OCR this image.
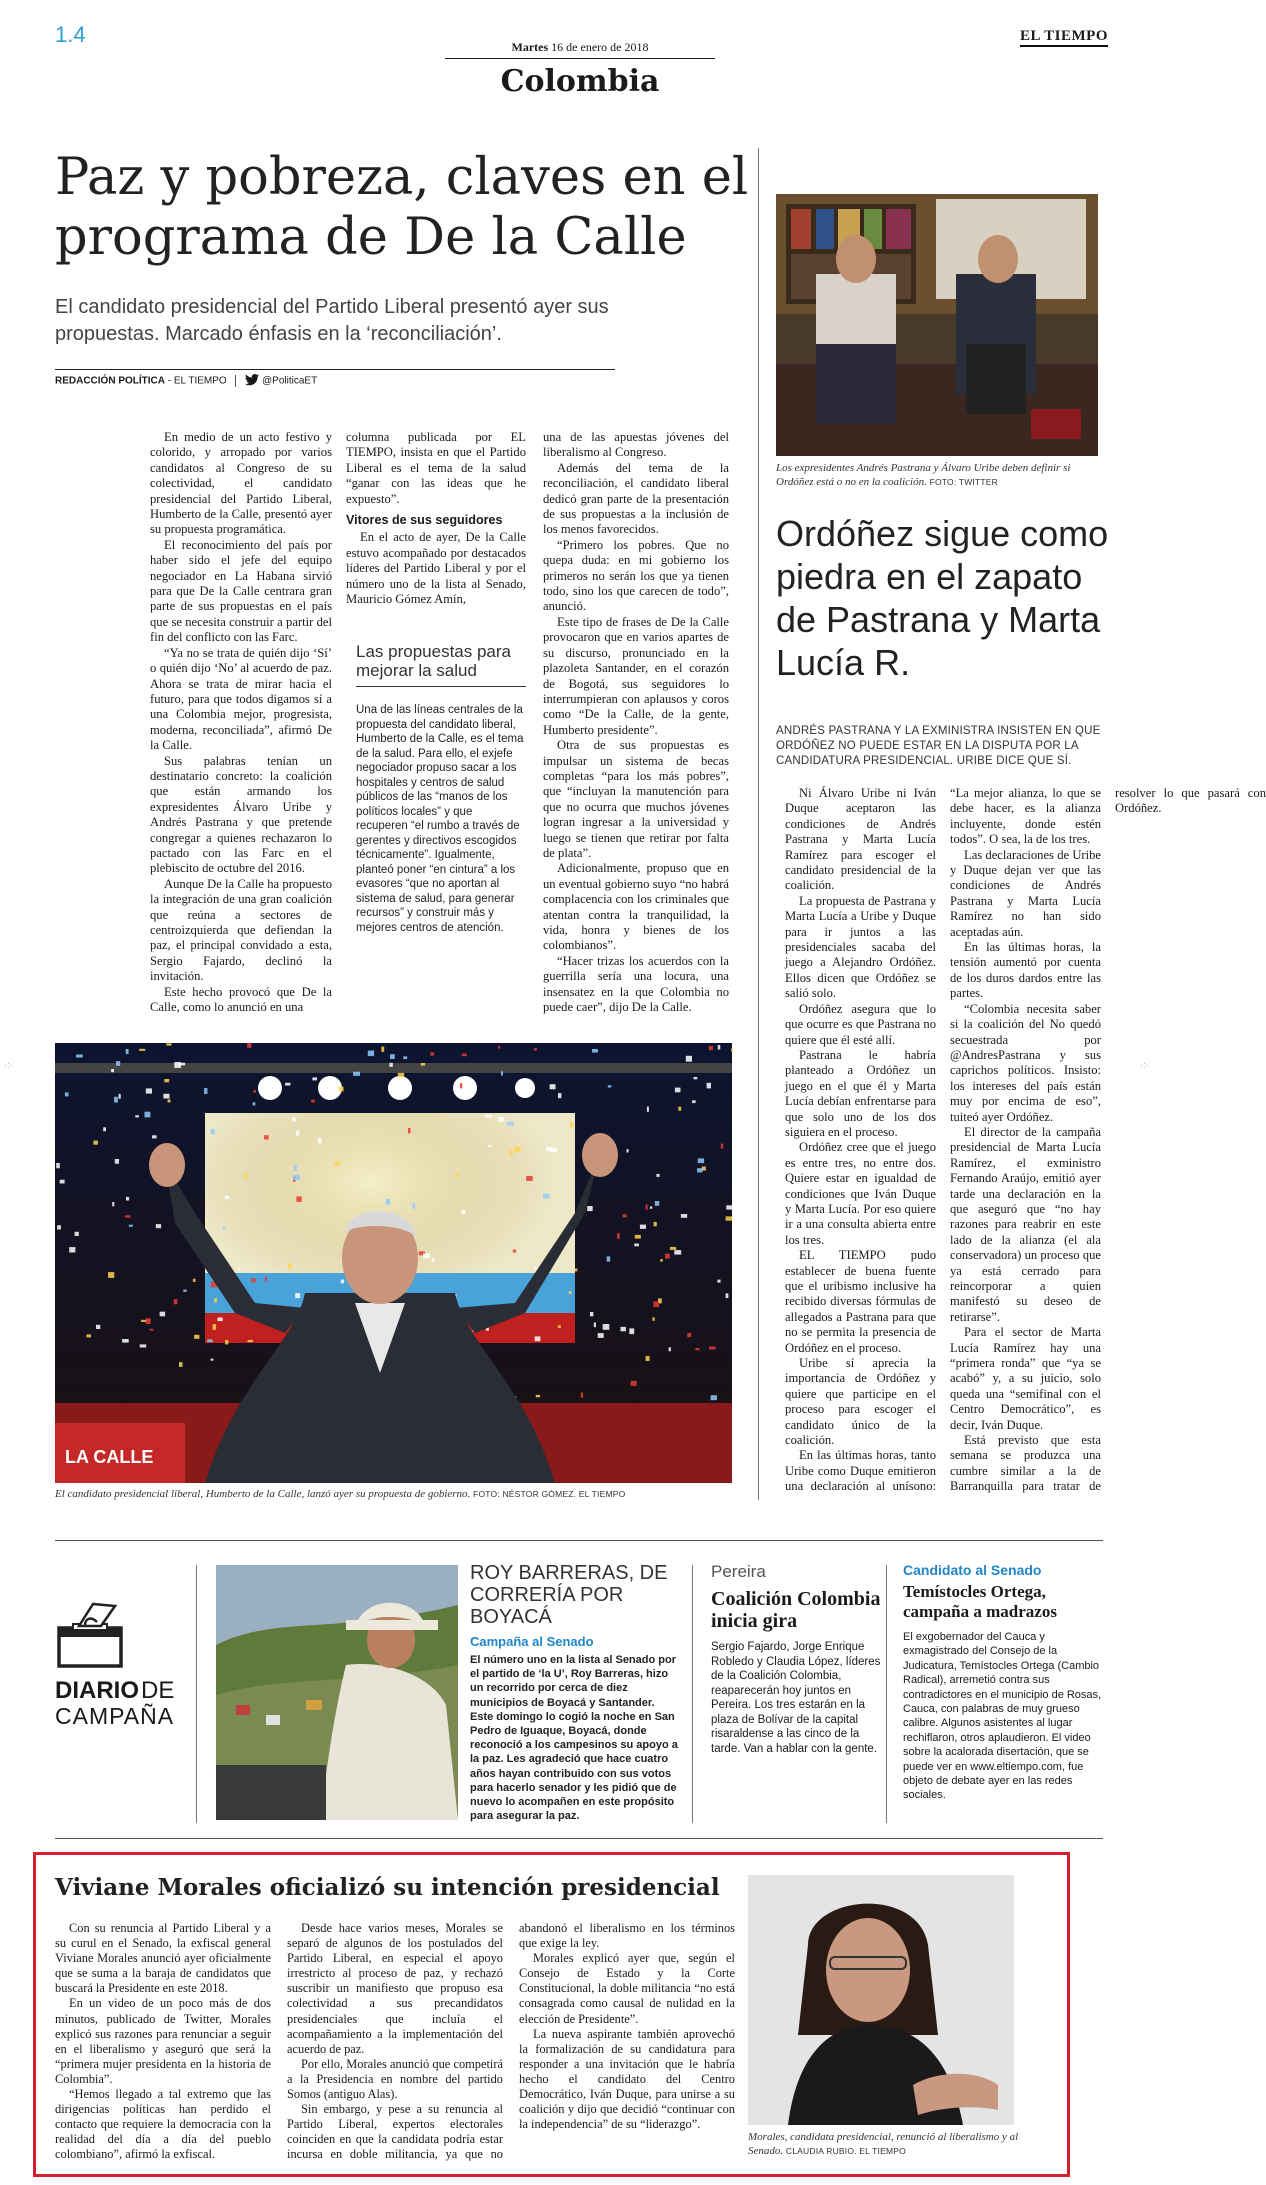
1.4	Martes 16 de enero de 2018
EL TIEMPO
Colombia
Paz y pobreza, claves en el programa de De la Calle
El candidato presidencial del Partido Liberal presentó ayer sus propuestas. Marcado énfasis en la ‘reconciliación’.
REDACCIÓN POLÍTICA - EL TIEMPO	@PoliticaET

En medio de un acto festivo y colorido, y arropado por varios candidatos al Congreso de su colectividad, el candidato presidencial del Partido Liberal, Humberto de la Calle, presentó ayer su propuesta programática.

El reconocimiento del país por haber sido el jefe del equipo negociador en La Habana sirvió para que De la Calle centrara gran parte de sus propuestas en el país que se necesita construir a partir del fin del conflicto con las Farc.

“Ya no se trata de quién dijo ‘Sí’ o quién dijo ‘No’ al acuerdo de paz. Ahora se trata de mirar hacia el futuro, para que todos digamos sí a una Colombia mejor, progresista, moderna, reconciliada”, afirmó De la Calle.

Sus palabras tenían un destinatario concreto: la coalición que están armando los expresidentes Álvaro Uribe y Andrés Pastrana y que pretende congregar a quienes rechazaron lo pactado con las Farc en el plebiscito de octubre del 2016.

Aunque De la Calle ha propuesto la integración de una gran coalición que reúna a sectores de centroizquierda que defiendan la paz, el principal convidado a esta, Sergio Fajardo, declinó la invitación.

Este hecho provocó que De la Calle, como lo anunció en una

columna publicada por EL TIEMPO, insista en que el Partido Liberal es el tema de la salud “ganar con las ideas que he expuesto”.

Vitores de sus seguidores

En el acto de ayer, De la Calle estuvo acompañado por destacados líderes del Partido Liberal y por el número uno de la lista al Senado, Mauricio Gómez Amín,

Las propuestas para mejorar la salud
Una de las líneas centrales de la propuesta del candidato liberal, Humberto de la Calle, es el tema de la salud. Para ello, el exjefe negociador propuso sacar a los hospitales y centros de salud públicos de las “manos de los políticos locales” y que recuperen “el rumbo a través de gerentes y directivos escogidos técnicamente”. Igualmente, planteó poner “en cintura” a los evasores “que no aportan al sistema de salud, para generar recursos” y construir más y mejores centros de atención.

una de las apuestas jóvenes del liberalismo al Congreso.

Además del tema de la reconciliación, el candidato liberal dedicó gran parte de la presentación de sus propuestas a la inclusión de los menos favorecidos.

“Primero los pobres. Que no quepa duda: en mi gobierno los primeros no serán los que ya tienen todo, sino los que carecen de todo”, anunció.

Este tipo de frases de De la Calle provocaron que en varios apartes de su discurso, pronunciado en la plazoleta Santander, en el corazón de Bogotá, sus seguidores lo interrumpieran con aplausos y coros como “De la Calle, de la gente, Humberto presidente”.

Otra de sus propuestas es impulsar un sistema de becas completas “para los más pobres”, que “incluyan la manutención para que no ocurra que muchos jóvenes logran ingresar a la universidad y luego se tienen que retirar por falta de plata”.

Adicionalmente, propuso que en un eventual gobierno suyo “no habrá complacencia con los criminales que atentan contra la tranquilidad, la vida, honra y bienes de los colombianos”.

“Hacer trizas los acuerdos con la guerrilla sería una locura, una insensatez en la que Colombia no puede caer”, dijo De la Calle.

LA CALLE
El candidato presidencial liberal, Humberto de la Calle, lanzó ayer su propuesta de gobierno. FOTO: NÉSTOR GÓMEZ. EL TIEMPO
Los expresidentes Andrés Pastrana y Álvaro Uribe deben definir si Ordóñez está o no en la coalición. FOTO: TWITTER
Ordóñez sigue como piedra en el zapato de Pastrana y Marta Lucía R.
ANDRÉS PASTRANA Y LA EXMINISTRA INSISTEN EN QUE ORDÓÑEZ NO PUEDE ESTAR EN LA DISPUTA POR LA CANDIDATURA PRESIDENCIAL. URIBE DICE QUE SÍ.

Ni Álvaro Uribe ni Iván Duque aceptaron las condiciones de Andrés Pastrana y Marta Lucía Ramírez para escoger el candidato presidencial de la coalición.

La propuesta de Pastrana y Marta Lucía a Uribe y Duque para ir juntos a las presidenciales sacaba del juego a Alejandro Ordóñez. Ellos dicen que Ordóñez se salió solo.

Ordóñez asegura que lo que ocurre es que Pastrana no quiere que él esté allí.

Pastrana le habría planteado a Ordóñez un juego en el que él y Marta Lucía debían enfrentarse para que solo uno de los dos siguiera en el proceso.

Ordóñez cree que el juego es entre tres, no entre dos. Quiere estar en igualdad de condiciones que Iván Duque y Marta Lucía. Por eso quiere ir a una consulta abierta entre los tres.

EL TIEMPO pudo establecer de buena fuente que el uribismo inclusive ha recibido diversas fórmulas de allegados a Pastrana para que no se permita la presencia de Ordóñez en el proceso.

Uribe sí aprecia la importancia de Ordóñez y quiere que participe en el proceso para escoger el candidato único de la coalición.

En las últimas horas, tanto Uribe como Duque emitieron una declaración al unísono: “La mejor alianza, lo que se debe hacer, es la alianza incluyente, donde estén todos”. O sea, la de los tres.

Las declaraciones de Uribe y Duque dejan ver que las condiciones de Andrés Pastrana y Marta Lucía Ramírez no han sido aceptadas aún.

En las últimas horas, la tensión aumentó por cuenta de los duros dardos entre las partes.

“Colombia necesita saber si la coalición del No quedó secuestrada por @AndresPastrana y sus caprichos políticos. Insisto: los intereses del país están muy por encima de eso”, tuiteó ayer Ordóñez.

El director de la campaña presidencial de Marta Lucía Ramírez, el exministro Fernando Araújo, emitió ayer tarde una declaración en la que aseguró que “no hay razones para reabrir en este lado de la alianza (el ala conservadora) un proceso que ya está cerrado para reincorporar a quien manifestó su deseo de retirarse”.

Para el sector de Marta Lucía Ramírez hay una “primera ronda” que “ya se acabó” y, a su juicio, solo queda una “semifinal con el Centro Democrático”, es decir, Iván Duque.

Está previsto que esta semana se produzca una cumbre similar a la de Barranquilla para tratar de resolver lo que pasará con Ordóñez.

DIARIODE
CAMPAÑA
ROY BARRERAS, DE CORRERÍA POR BOYACÁ
Campaña al Senado
El número uno en la lista al Senado por el partido de ‘la U’, Roy Barreras, hizo un recorrido por cerca de diez municipios de Boyacá y Santander. Este domingo lo cogió la noche en San Pedro de Iguaque, Boyacá, donde reconoció a los campesinos su apoyo a la paz. Les agradeció que hace cuatro años hayan contribuido con sus votos para hacerlo senador y les pidió que de nuevo lo acompañen en este propósito para asegurar la paz.
Pereira
Coalición Colombia inicia gira
Sergio Fajardo, Jorge Enrique Robledo y Claudia López, líderes de la Coalición Colombia, reaparecerán hoy juntos en Pereira. Los tres estarán en la plaza de Bolívar de la capital risaraldense a las cinco de la tarde. Van a hablar con la gente.
Candidato al Senado
Temístocles Ortega, campaña a madrazos
El exgobernador del Cauca y exmagistrado del Consejo de la Judicatura, Temístocles Ortega (Cambio Radical), arremetió contra sus contradictores en el municipio de Rosas, Cauca, con palabras de muy grueso calibre. Algunos asistentes al lugar rechiflaron, otros aplaudieron. El video sobre la acalorada disertación, que se puede ver en www.eltiempo.com, fue objeto de debate ayer en las redes sociales.
Viviane Morales oficializó su intención presidencial

Con su renuncia al Partido Liberal y a su curul en el Senado, la exfiscal general Viviane Morales anunció ayer oficialmente que se suma a la baraja de candidatos que buscará la Presidente en este 2018.

En un video de un poco más de dos minutos, publicado de Twitter, Morales explicó sus razones para renunciar a seguir en el liberalismo y aseguró que será la “primera mujer presidenta en la historia de Colombia”.

“Hemos llegado a tal extremo que las dirigencias políticas han perdido el contacto que requiere la democracia con la realidad del día a día del pueblo colombiano”, afirmó la exfiscal.

Desde hace varios meses, Morales se separó de algunos de los postulados del Partido Liberal, en especial el apoyo irrestricto al proceso de paz, y rechazó suscribir un manifiesto que propuso esa colectividad a sus precandidatos presidenciales que incluía el acompañamiento a la implementación del acuerdo de paz.

Por ello, Morales anunció que competirá a la Presidencia en nombre del partido Somos (antiguo Alas).

Sin embargo, y pese a su renuncia al Partido Liberal, expertos electorales coinciden en que la candidata podría estar incursa en doble militancia, ya que no abandonó el liberalismo en los términos que exige la ley.

Morales explicó ayer que, según el Consejo de Estado y la Corte Constitucional, la doble militancia “no está consagrada como causal de nulidad en la elección de Presidente”.

La nueva aspirante también aprovechó la formalización de su candidatura para responder a una invitación que le habría hecho el candidato del Centro Democrático, Iván Duque, para unirse a su coalición y dijo que decidió “continuar con la independencia” de su “liderazgo”.

Morales, candidata presidencial, renunció al liberalismo y al Senado. CLAUDIA RUBIO. EL TIEMPO
·:·	·:·
